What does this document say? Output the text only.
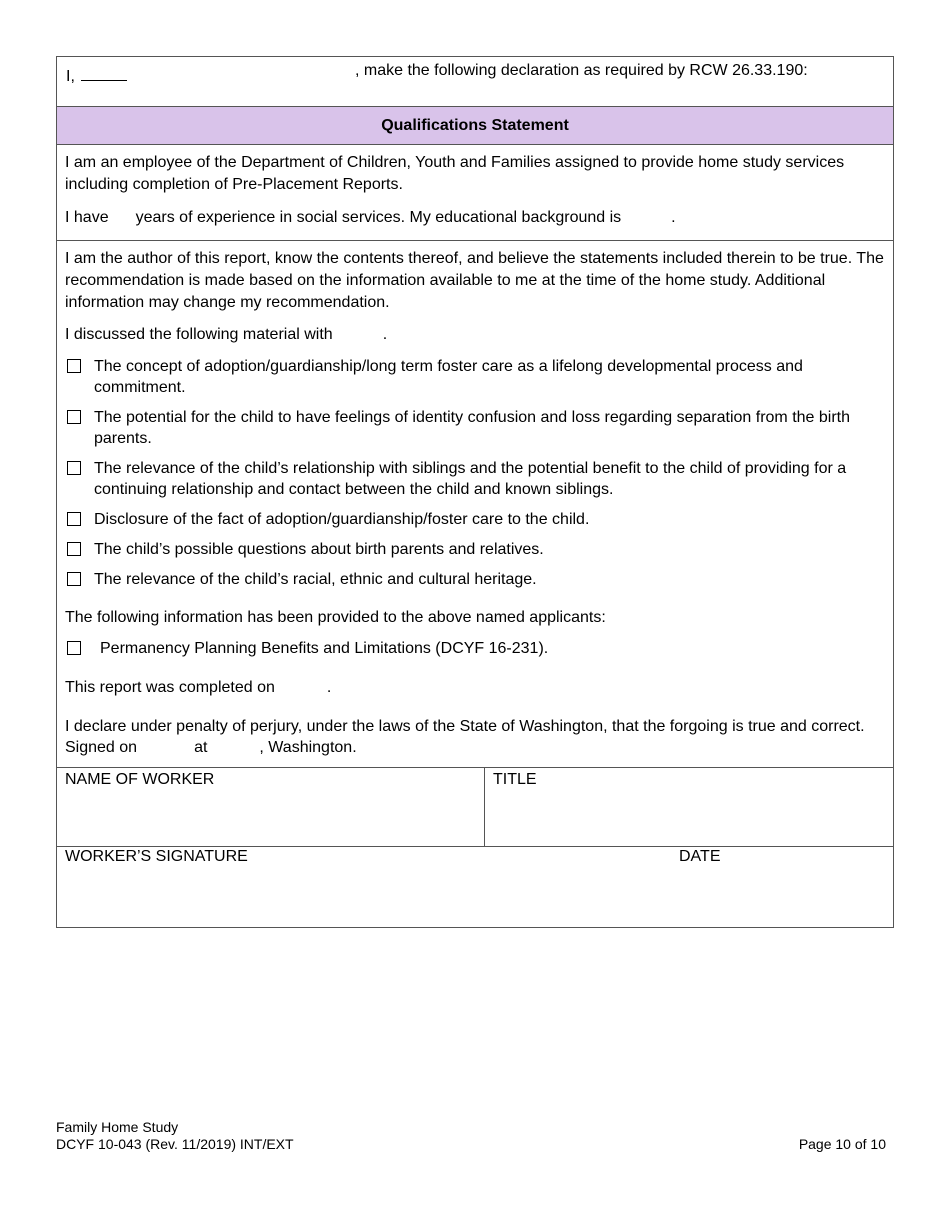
I,	, make the following declaration as required by RCW 26.33.190:
Qualifications Statement

I am an employee of the Department of Children, Youth and Families assigned to provide home study services including completion of Pre-Placement Reports.

I have years of experience in social services. My educational background is	.

I am the author of this report, know the contents thereof, and believe the statements included therein to be true. The recommendation is made based on the information available to me at the time of the home study. Additional information may change my recommendation.

I discussed the following material with	.

The concept of adoption/guardianship/long term foster care as a lifelong developmental process and commitment.
The potential for the child to have feelings of identity confusion and loss regarding separation from the birth parents.
The relevance of the child’s relationship with siblings and the potential benefit to the child of providing for a continuing relationship and contact between the child and known siblings.
Disclosure of the fact of adoption/guardianship/foster care to the child.
The child’s possible questions about birth parents and relatives.
The relevance of the child’s racial, ethnic and cultural heritage.

The following information has been provided to the above named applicants:

Permanency Planning Benefits and Limitations (DCYF 16-231).

This report was completed on	.

I declare under penalty of perjury, under the laws of the State of Washington, that the forgoing is true and correct. Signed on	at	, Washington.

NAME OF WORKER	TITLE
WORKER’S SIGNATURE	DATE
Family Home Study
DCYF 10-043 (Rev. 11/2019) INT/EXT	Page 10 of 10
